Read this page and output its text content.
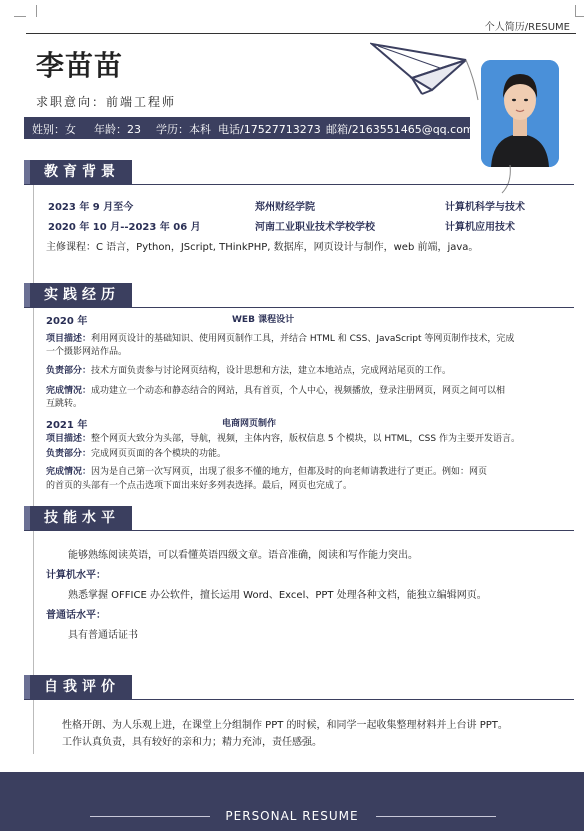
个人简历/RESUME
李苗苗
求职意向：前端工程师
姓别：女 年龄：23 学历：本科 电话/17527713273 邮箱/2163551465@qq.com
教育背景
2023 年 9 月至今	郑州财经学院	计算机科学与技术
2020 年 10 月--2023 年 06 月	河南工业职业技术学校学校	计算机应用技术
主修课程：C 语言，Python，JScript, THinkPHP, 数据库，网页设计与制作，web 前端，java。
实践经历
2020 年	WEB 课程设计
项目描述：利用网页设计的基础知识、使用网页制作工具，并结合 HTML 和 CSS、JavaScript 等网页制作技术，完成
一个摄影网站作品。
负责部分：技术方面负责参与讨论网页结构，设计思想和方法，建立本地站点，完成网站尾页的工作。
完成情况：成功建立一个动态和静态结合的网站，具有首页，个人中心，视频播放，登录注册网页，网页之间可以相
互跳转。
2021 年	电商网页制作
项目描述：整个网页大致分为头部，导航，视频，主体内容，版权信息 5 个模块，以 HTML，CSS 作为主要开发语言。
负责部分：完成网页页面的各个模块的功能。
完成情况：因为是自己第一次写网页，出现了很多不懂的地方，但都及时的向老师请教进行了更正。例如：网页
的首页的头部有一个点击选项下面出来好多列表选择。最后，网页也完成了。
技能水平
能够熟练阅读英语，可以看懂英语四级文章。语音准确，阅读和写作能力突出。
计算机水平：
熟悉掌握 OFFICE 办公软件，擅长运用 Word、Excel、PPT 处理各种文档，能独立编辑网页。
普通话水平：
具有普通话证书
自我评价
性格开朗、为人乐观上进，在课堂上分组制作 PPT 的时候，和同学一起收集整理材料并上台讲 PPT。
工作认真负责，具有较好的亲和力；精力充沛，责任感强。
PERSONAL RESUME
